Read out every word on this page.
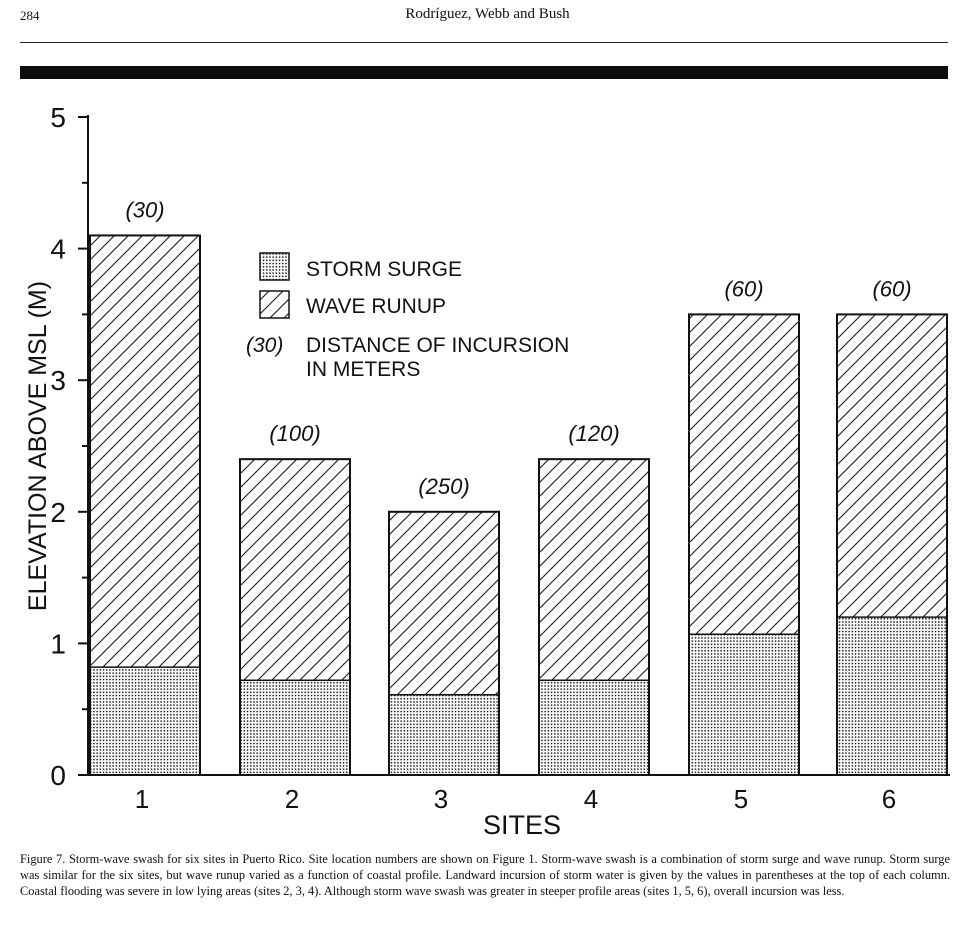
284	Rodríguez, Webb and Bush
0
1
2
3
4
5
(30)
1
(100)
2
(250)
3
(120)
4
(60)
5
(60)
6
STORM SURGE
WAVE RUNUP
(30) DISTANCE OF INCURSION
IN METERS
ELEVATION ABOVE MSL (M)
SITES
Figure 7. Storm-wave swash for six sites in Puerto Rico. Site location numbers are shown on Figure 1. Storm-wave swash is a combination of storm surge and wave runup. Storm surge was similar for the six sites, but wave runup varied as a function of coastal profile. Landward incursion of storm water is given by the values in parentheses at the top of each column. Coastal flooding was severe in low lying areas (sites 2, 3, 4). Although storm wave swash was greater in steeper profile areas (sites 1, 5, 6), overall incursion was less.
